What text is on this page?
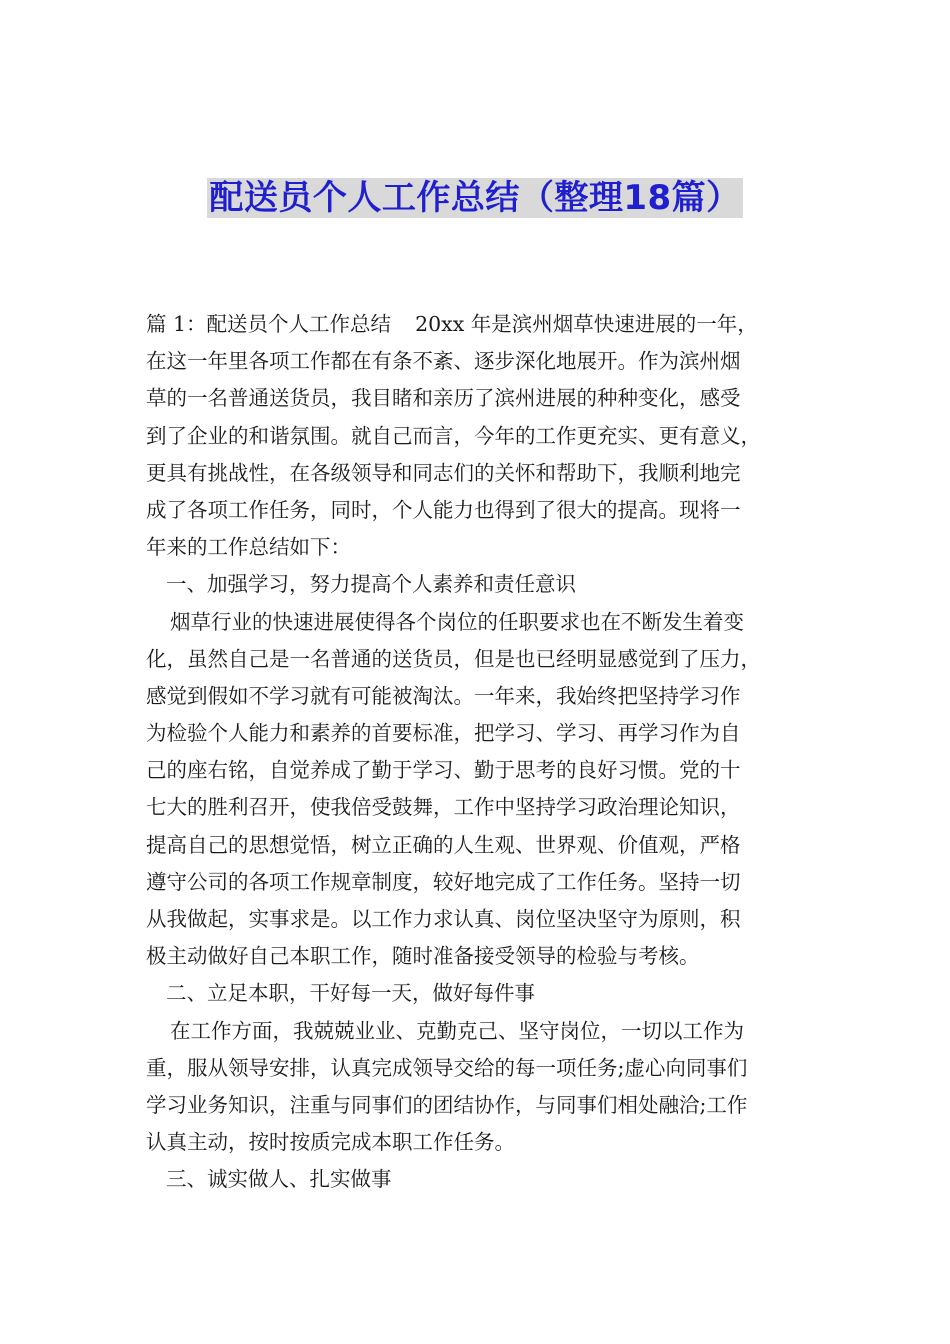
配送员个人工作总结（整理18篇）

篇 1：配送员个人工作总结 20xx 年是滨州烟草快速进展的一年，

在这一年里各项工作都在有条不紊、逐步深化地展开。作为滨州烟

草的一名普通送货员，我目睹和亲历了滨州进展的种种变化，感受

到了企业的和谐氛围。就自己而言，今年的工作更充实、更有意义，

更具有挑战性，在各级领导和同志们的关怀和帮助下，我顺利地完

成了各项工作任务，同时，个人能力也得到了很大的提高。现将一

年来的工作总结如下：

一、加强学习，努力提高个人素养和责任意识

烟草行业的快速进展使得各个岗位的任职要求也在不断发生着变

化，虽然自己是一名普通的送货员，但是也已经明显感觉到了压力，

感觉到假如不学习就有可能被淘汰。一年来，我始终把坚持学习作

为检验个人能力和素养的首要标准，把学习、学习、再学习作为自

己的座右铭，自觉养成了勤于学习、勤于思考的良好习惯。党的十

七大的胜利召开，使我倍受鼓舞，工作中坚持学习政治理论知识，

提高自己的思想觉悟，树立正确的人生观、世界观、价值观，严格

遵守公司的各项工作规章制度，较好地完成了工作任务。坚持一切

从我做起，实事求是。以工作力求认真、岗位坚决坚守为原则，积

极主动做好自己本职工作，随时准备接受领导的检验与考核。

二、立足本职，干好每一天，做好每件事

在工作方面，我兢兢业业、克勤克己、坚守岗位，一切以工作为

重，服从领导安排，认真完成领导交给的每一项任务;虚心向同事们

学习业务知识，注重与同事们的团结协作，与同事们相处融洽;工作

认真主动，按时按质完成本职工作任务。

三、诚实做人、扎实做事
